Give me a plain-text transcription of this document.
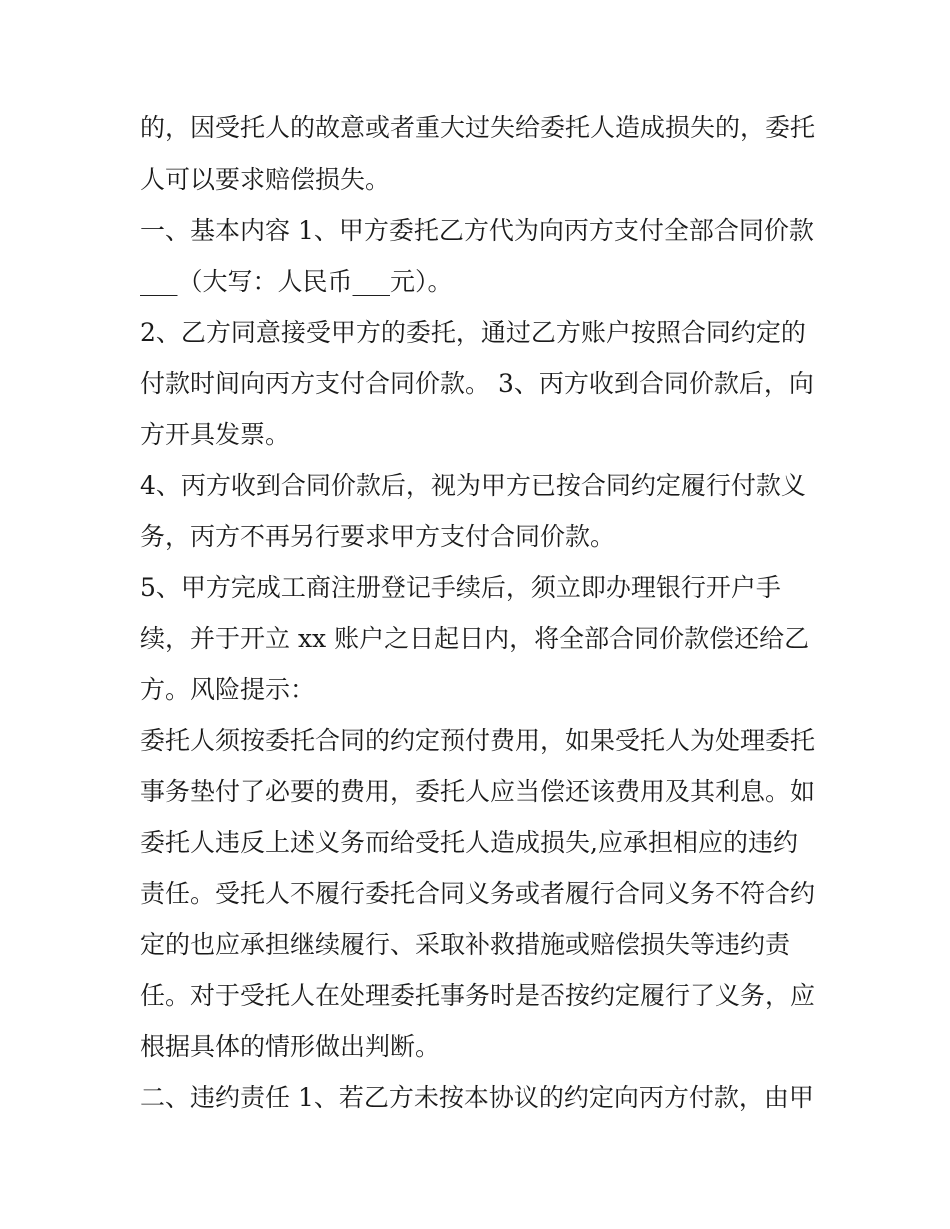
的，因受托人的故意或者重大过失给委托人造成损失的，委托
人可以要求赔偿损失。
一、基本内容 1、甲方委托乙方代为向丙方支付全部合同价款
___（大写：人民币___元）。
2、乙方同意接受甲方的委托，通过乙方账户按照合同约定的
付款时间向丙方支付合同价款。 3、丙方收到合同价款后，向
方开具发票。
4、丙方收到合同价款后，视为甲方已按合同约定履行付款义
务，丙方不再另行要求甲方支付合同价款。
5、甲方完成工商注册登记手续后，须立即办理银行开户手
续，并于开立 xx 账户之日起日内，将全部合同价款偿还给乙
方。风险提示：
委托人须按委托合同的约定预付费用，如果受托人为处理委托
事务垫付了必要的费用，委托人应当偿还该费用及其利息。如
委托人违反上述义务而给受托人造成损失,应承担相应的违约
责任。受托人不履行委托合同义务或者履行合同义务不符合约
定的也应承担继续履行、采取补救措施或赔偿损失等违约责
任。对于受托人在处理委托事务时是否按约定履行了义务，应
根据具体的情形做出判断。
二、违约责任 1、若乙方未按本协议的约定向丙方付款，由甲
